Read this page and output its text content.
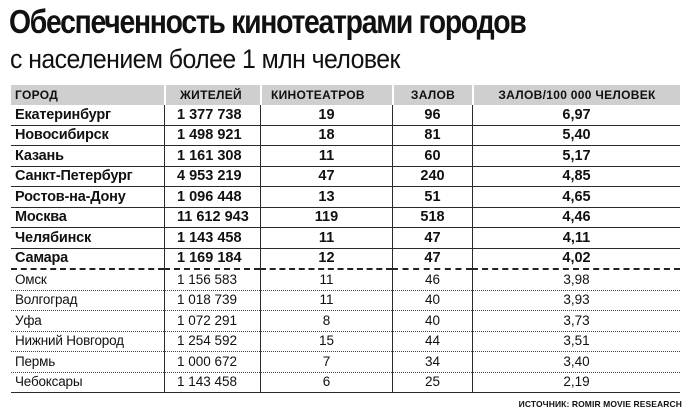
Обеспеченность кинотеатрами городов
с населением более 1 млн человек
ГОРОД	ЖИТЕЛЕЙ	КИНОТЕАТРОВ	ЗАЛОВ	ЗАЛОВ/100 000 ЧЕЛОВЕК
Екатеринбург	1 377 738	19	96	6,97
Новосибирск	1 498 921	18	81	5,40
Казань	1 161 308	11	60	5,17
Санкт-Петербург	4 953 219	47	240	4,85
Ростов-на-Дону	1 096 448	13	51	4,65
Москва	11 612 943	119	518	4,46
Челябинск	1 143 458	11	47	4,11
Самара	1 169 184	12	47	4,02
Омск	1 156 583	11	46	3,98
Волгоград	1 018 739	11	40	3,93
Уфа	1 072 291	8	40	3,73
Нижний Новгород	1 254 592	15	44	3,51
Пермь	1 000 672	7	34	3,40
Чебоксары	1 143 458	6	25	2,19
ИСТОЧНИК: ROMIR MOVIE RESEARCH
